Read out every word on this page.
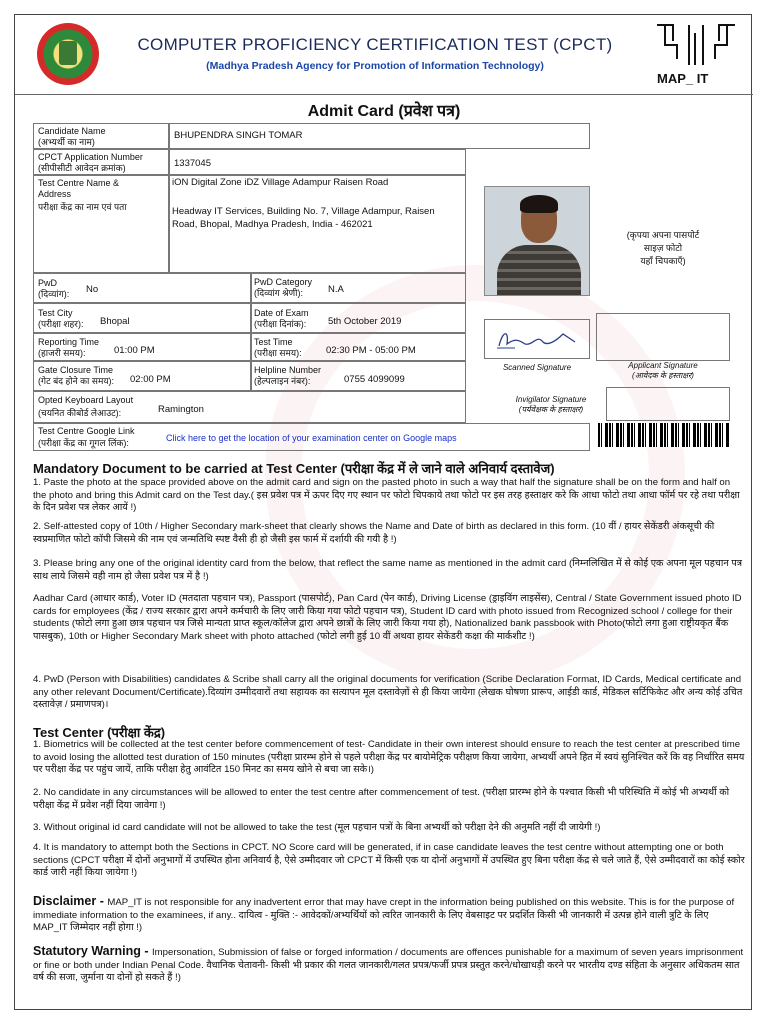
COMPUTER PROFICIENCY CERTIFICATION TEST (CPCT)
(Madhya Pradesh Agency for Promotion of Information Technology)
MAP_ IT
Admit Card (प्रवेश पत्र)
Candidate Name
(अभ्यर्थी का नाम)
BHUPENDRA SINGH TOMAR
CPCT Application Number
(सीपीसीटी आवेदन क्रमांक)	1337045
Test Centre Name &
Address
परीक्षा केंद्र का नाम एवं पता
iON Digital Zone iDZ Village Adampur Raisen Road
Headway IT Services, Building No. 7, Village Adampur, Raisen
Road, Bhopal, Madhya Pradesh, India - 462021
PwD
(दिव्यांग): No
PwD Category
(दिव्यांग श्रेणी):	N.A
Test City
(परीक्षा शहर): Bhopal
Date of Exam
(परीक्षा दिनांक): 5th October 2019
Reporting Time
(हाजरी समय):	01:00 PM
Test Time
(परीक्षा समय):	02:30 PM - 05:00 PM
Gate Closure Time
(गेट बंद होने का समय): 02:00 PM
Helpline Number
(हेल्पलाइन नंबर):	0755 4099099
Opted Keyboard Layout
(चयनित कीबोर्ड लेआउट):	Ramington
Test Centre Google Link
(परीक्षा केंद्र का गूगल लिंक):	Click here to get the location of your examination center on Google maps
(कृपया अपना पासपोर्ट
साइज़ फोटो
यहाँ चिपकाएँ)
Scanned Signature	Applicant Signature
(आवेदक के हस्ताक्षर)
Invigilator Signature
(पर्यवेक्षक के हस्ताक्षर)
Mandatory Document to be carried at Test Center (परीक्षा केंद्र में ले जाने वाले अनिवार्य दस्तावेज)
1. Paste the photo at the space provided above on the admit card and sign on the pasted photo in such a way that half the signature shall be on the form and half on the photo and bring this Admit card on the Test day.( इस प्रवेश पत्र में ऊपर दिए गए स्थान पर फोटो चिपकाये तथा फोटो पर इस तरह हस्ताक्षर करे कि आधा फोटो तथा आधा फॉर्म पर रहे तथा परीक्षा के दिन प्रवेश पत्र लेकर आयें !)
2. Self-attested copy of 10th / Higher Secondary mark-sheet that clearly shows the Name and Date of birth as declared in this form. (10 वीं / हायर सेकेंडरी अंकसूची की स्वप्रमाणित फोटो कॉपी जिसमे की नाम एवं जन्मतिथि स्पष्ट वैसी ही हो जैसी इस फार्म में दर्शायी की गयी है !)
3. Please bring any one of the original identity card from the below, that reflect the same name as mentioned in the admit card (निम्नलिखित में से कोई एक अपना मूल पहचान पत्र साथ लाये जिसमे वही नाम हो जैसा प्रवेश पत्र में है !)
Aadhar Card (आधार कार्ड), Voter ID (मतदाता पहचान पत्र), Passport (पासपोर्ट), Pan Card (पेन कार्ड), Driving License (ड्राइविंग लाइसेंस), Central / State Government issued photo ID cards for employees (केंद्र / राज्य सरकार द्वारा अपने कर्मचारी के लिए जारी किया गया फोटो पहचान पत्र), Student ID card with photo issued from Recognized school / college for their students (फोटो लगा हुआ छात्र पहचान पत्र जिसे मान्यता प्राप्त स्कूल/कॉलेज द्वारा अपने छात्रों के लिए जारी किया गया हो), Nationalized bank passbook with Photo(फोटो लगा हुआ राष्ट्रीयकृत बैंक पासबुक), 10th or Higher Secondary Mark sheet with photo attached (फोटो लगी हुई 10 वीं अथवा हायर सेकेंडरी कक्षा की मार्कशीट !)
4. PwD (Person with Disabilities) candidates & Scribe shall carry all the original documents for verification (Scribe Declaration Format, ID Cards, Medical certificate and any other relevant Document/Certificate).दिव्यांग उम्मीदवारों तथा सहायक का सत्यापन मूल दस्तावेज़ों से ही किया जायेगा (लेखक घोषणा प्रारूप, आईडी कार्ड, मेडिकल सर्टिफिकेट और अन्य कोई उचित दस्तावेज़ / प्रमाणपत्र)।
Test Center (परीक्षा केंद्र)
1. Biometrics will be collected at the test center before commencement of test- Candidate in their own interest should ensure to reach the test center at prescribed time to avoid losing the allotted test duration of 150 minutes (परीक्षा प्रारम्भ होने से पहले परीक्षा केंद्र पर बायोमेट्रिक परीक्षण किया जायेगा, अभ्यर्थी अपने हित में स्वयं सुनिश्चित करें कि वह निर्धारित समय पर परीक्षा केंद्र पर पहुंच जायें, ताकि परीक्षा हेतु आवंटित 150 मिनट का समय खोने से बचा जा सके।)
2. No candidate in any circumstances will be allowed to enter the test centre after commencement of test. (परीक्षा प्रारम्भ होने के पश्चात किसी भी परिस्थिति में कोई भी अभ्यर्थी को परीक्षा केंद्र में प्रवेश नहीं दिया जावेगा !)
3. Without original id card candidate will not be allowed to take the test (मूल पहचान पत्रों के बिना अभ्यर्थी को परीक्षा देने की अनुमति नहीं दी जायेगी !)
4. It is mandatory to attempt both the Sections in CPCT. NO Score card will be generated, if in case candidate leaves the test centre without attempting one or both sections (CPCT परीक्षा में दोनों अनुभागों में उपस्थित होना अनिवार्य है, ऐसे उम्मीदवार जो CPCT में किसी एक या दोनों अनुभागों में उपस्थित हुए बिना परीक्षा केंद्र से चले जाते हैं, ऐसे उम्मीदवारों का कोई स्कोर कार्ड जारी नहीं किया जायेगा !)
Disclaimer - MAP_IT is not responsible for any inadvertent error that may have crept in the information being published on this website. This is for the purpose of immediate information to the examinees, if any.. दायित्व - मुक्ति :- आवेदकों/अभ्यर्थियों को त्वरित जानकारी के लिए वेबसाइट पर प्रदर्शित किसी भी जानकारी में उत्पन्न होने वाली त्रुटि के लिए MAP_IT जिम्मेदार नहीं होगा !)
Statutory Warning - Impersonation, Submission of false or forged information / documents are offences punishable for a maximum of seven years imprisonment or fine or both under Indian Penal Code. वैधानिक चेतावनी- किसी भी प्रकार की गलत जानकारी/गलत प्रपत्र/फर्जी प्रपत्र प्रस्तुत करने/धोखाधड़ी करने पर भारतीय दण्ड संहिता के अनुसार अधिकतम सात वर्ष की सजा, जुर्माना या दोनों हो सकते हैं !)
